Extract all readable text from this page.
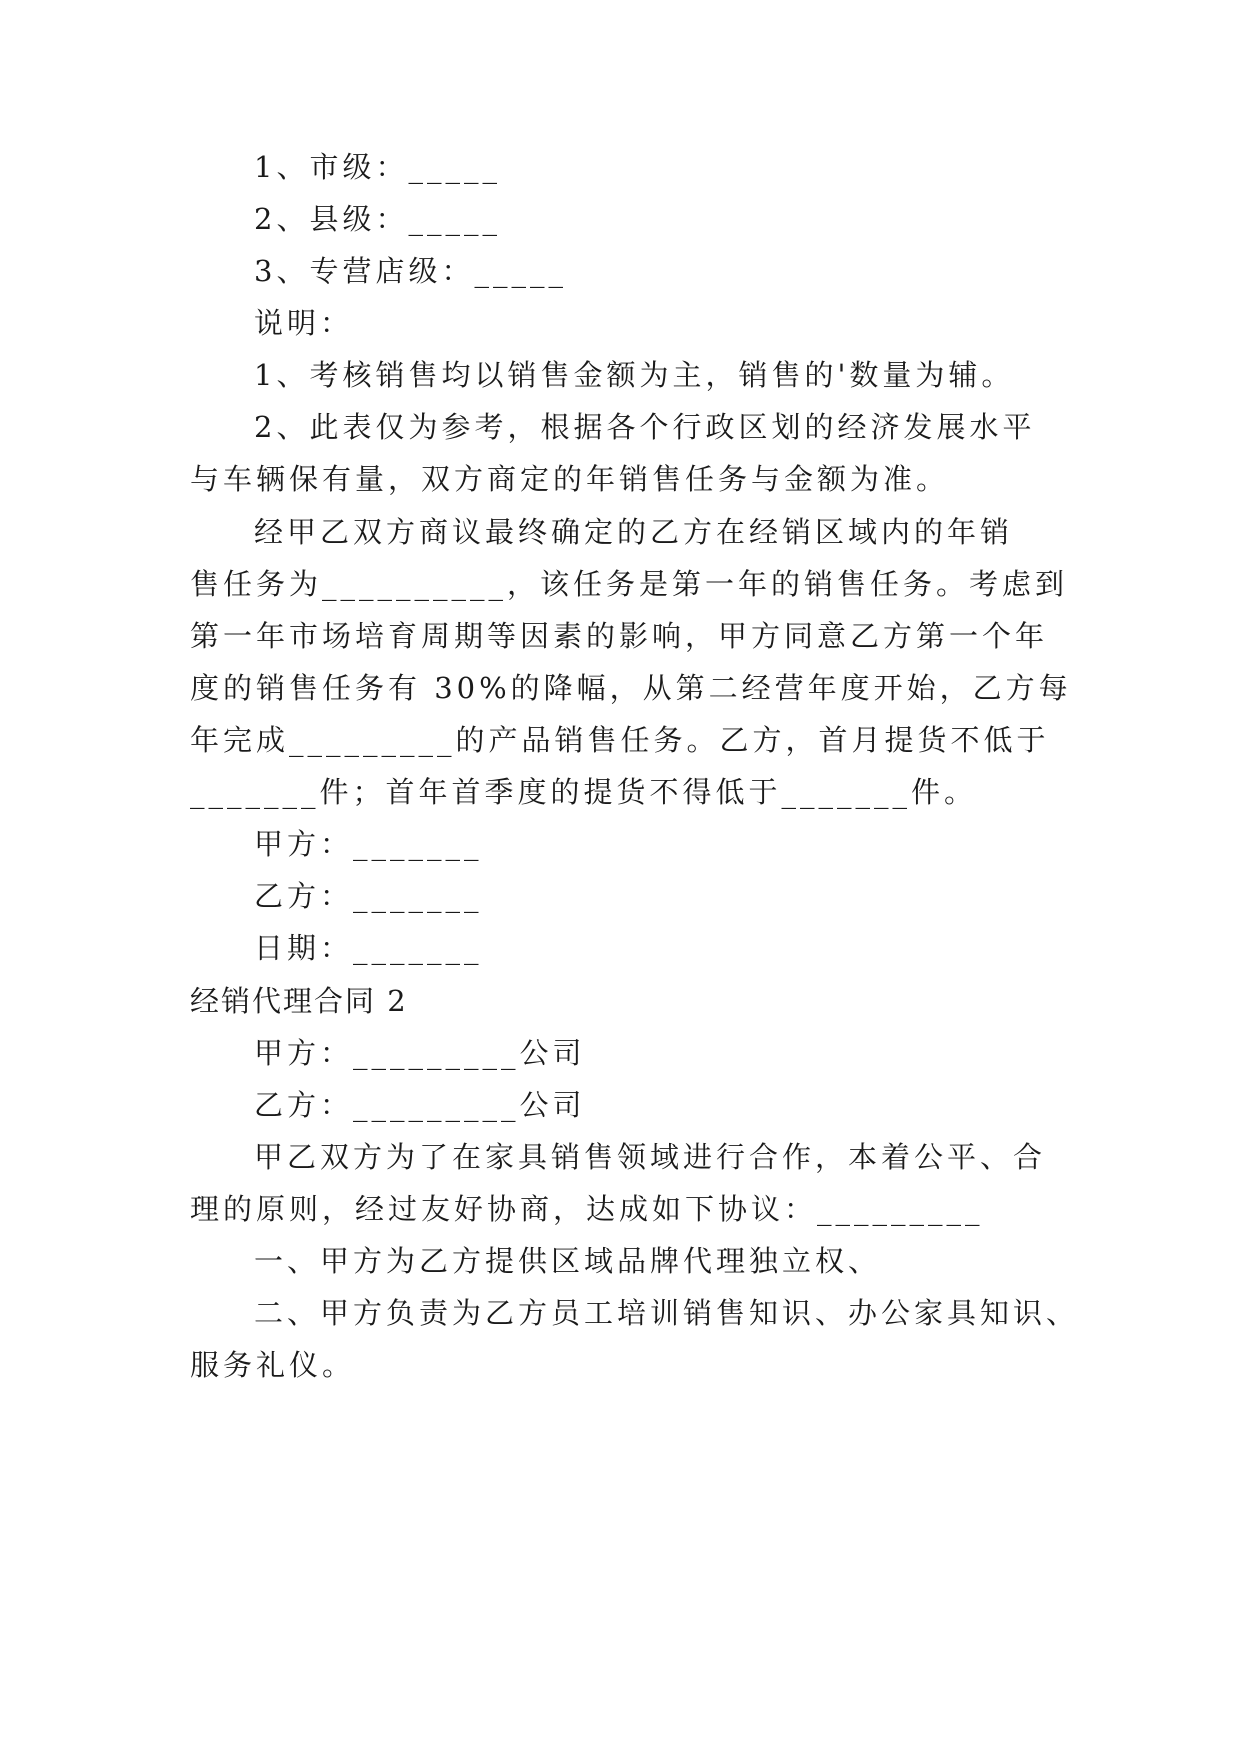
1、市级：_____
2、县级：_____
3、专营店级：_____
说明：
1、考核销售均以销售金额为主，销售的'数量为辅。
2、此表仅为参考，根据各个行政区划的经济发展水平
与车辆保有量，双方商定的年销售任务与金额为准。
经甲乙双方商议最终确定的乙方在经销区域内的年销
售任务为__________，该任务是第一年的销售任务。考虑到
第一年市场培育周期等因素的影响，甲方同意乙方第一个年
度的销售任务有 30%的降幅，从第二经营年度开始，乙方每
年完成_________的产品销售任务。乙方，首月提货不低于
_______件；首年首季度的提货不得低于_______件。
甲方：_______
乙方：_______
日期：_______
经销代理合同 2
甲方：_________公司
乙方：_________公司
甲乙双方为了在家具销售领域进行合作，本着公平、合
理的原则，经过友好协商，达成如下协议：_________
一、甲方为乙方提供区域品牌代理独立权、
二、甲方负责为乙方员工培训销售知识、办公家具知识、
服务礼仪。
